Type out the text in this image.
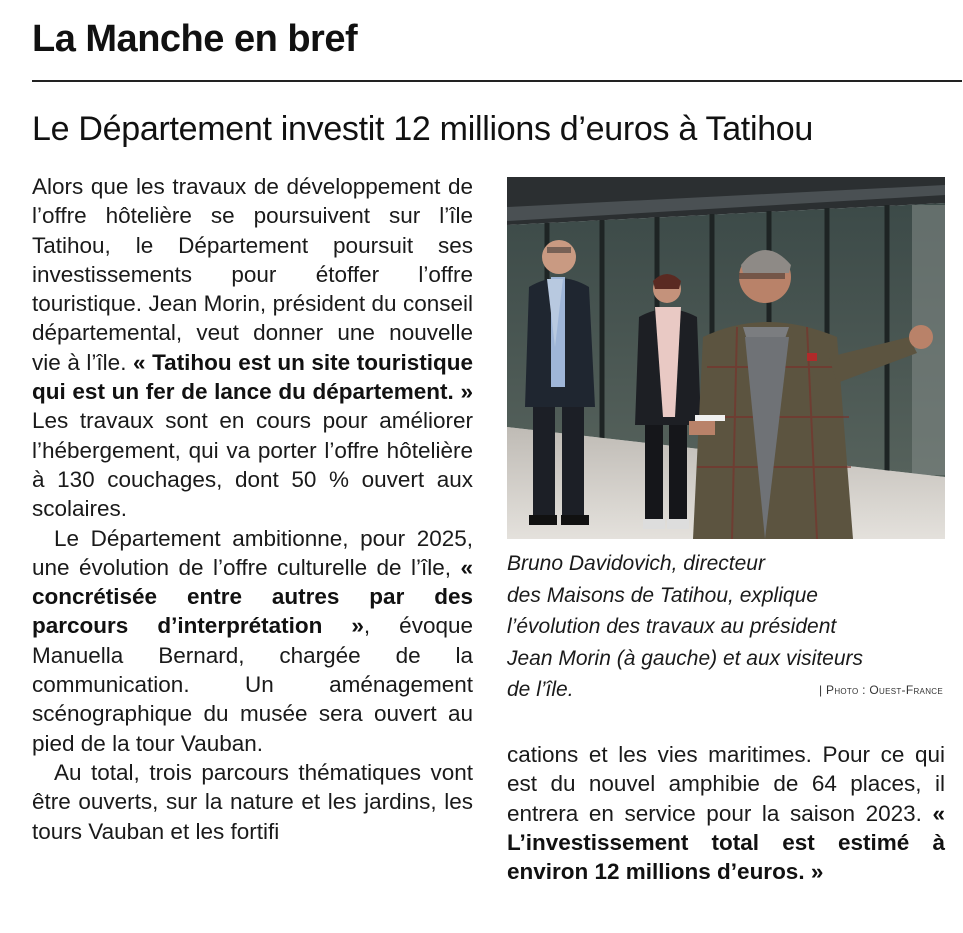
La Manche en bref
Le Département investit 12 millions d’euros à Tatihou

Alors que les travaux de développement de l’offre hôtelière se poursuivent sur l’île Tatihou, le Département poursuit ses investissements pour étoffer l’offre touristique. Jean Morin, président du conseil départemental, veut donner une nouvelle vie à l’île. « Tatihou est un site touristique qui est un fer de lance du département. » Les travaux sont en cours pour améliorer l’hébergement, qui va porter l’offre hôtelière à 130 couchages, dont 50 % ouvert aux scolaires.

Le Département ambitionne, pour 2025, une évolution de l’offre culturelle de l’île, « concrétisée entre autres par des parcours d’interprétation », évoque Manuella Bernard, chargée de la communication. Un aménagement scénographique du musée sera ouvert au pied de la tour Vauban.

Au total, trois parcours thématiques vont être ouverts, sur la nature et les jardins, les tours Vauban et les fortifi

Bruno Davidovich, directeur
des Maisons de Tatihou, explique
l’évolution des travaux au président
Jean Morin (à gauche) et aux visiteurs
de l’île.	| Photo : Ouest-France

cations et les vies maritimes. Pour ce qui est du nouvel amphibie de 64 places, il entrera en service pour la saison 2023. « L’investissement total est estimé à environ 12 millions d’euros. »
